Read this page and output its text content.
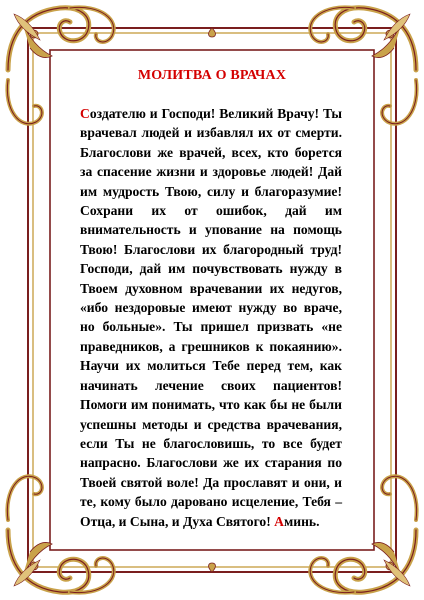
МОЛИТВА О ВРАЧАХ

Создателю и Господи! Великий Врачу! Ты врачевал людей и избавлял их от смерти. Благослови же врачей, всех, кто борется за спасение жизни и здоровье людей! Дай им мудрость Твою, силу и благоразумие! Сохрани их от ошибок, дай им внимательность и упование на помощь Твою! Благослови их благородный труд! Господи, дай им почувствовать нужду в Твоем духовном врачевании их недугов, «ибо нездоровые имеют нужду во враче, но больные». Ты пришел призвать «не праведников, а грешников к покаянию». Научи их молиться Тебе перед тем, как начинать лечение своих пациентов! Помоги им понимать, что как бы не были успешны методы и средства врачевания, если Ты не благословишь, то все будет напрасно. Благослови же их старания по Твоей святой воле! Да прославят и они, и те, кому было даровано исцеление, Тебя – Отца, и Сына, и Духа Святого! Аминь.
